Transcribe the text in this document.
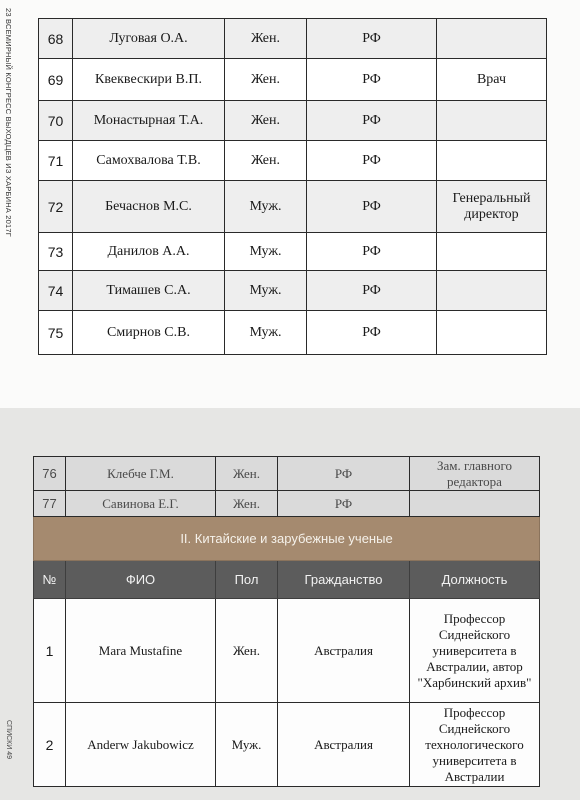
23 ВСЕМИРНЫЙ КОНГРЕСС ВЫХОДЦЕВ ИЗ ХАРБИНА 2017Г
СПИСКИ 49
68	Луговая О.А.	Жен.	РФ	
69	Квеквескири В.П.	Жен.	РФ	Врач
70	Монастырная Т.А.	Жен.	РФ	
71	Самохвалова Т.В.	Жен.	РФ	
72	Бечаснов М.С.	Муж.	РФ	Генеральный директор
73	Данилов А.А.	Муж.	РФ	
74	Тимашев С.А.	Муж.	РФ	
75	Смирнов С.В.	Муж.	РФ	
76	Клебче Г.М.	Жен.	РФ	Зам. главного редактора
77	Савинова Е.Г.	Жен.	РФ	
II. Китайские и зарубежные ученые				
№	ФИО	Пол	Гражданство	Должность
1	Mara Mustafine	Жен.	Австралия	Профессор Сиднейского университета в Австралии, автор "Харбинский архив"
2	Anderw Jakubowicz	Муж.	Австралия	Профессор Сиднейского технологического университета в Австралии
